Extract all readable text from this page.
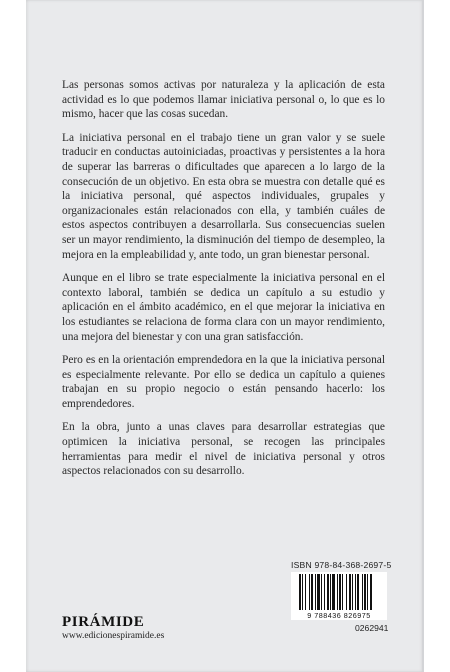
Las personas somos activas por naturaleza y la aplicación de esta actividad es lo que podemos llamar iniciativa personal o, lo que es lo mismo, hacer que las cosas sucedan.

La iniciativa personal en el trabajo tiene un gran valor y se suele traducir en conductas autoiniciadas, proactivas y persistentes a la hora de superar las barreras o dificultades que aparecen a lo largo de la consecución de un objetivo. En esta obra se muestra con detalle qué es la iniciativa personal, qué aspectos individuales, grupales y organizacionales están relacionados con ella, y también cuáles de estos aspectos contribuyen a desarrollarla. Sus consecuencias suelen ser un mayor rendimiento, la disminución del tiempo de desempleo, la mejora en la empleabilidad y, ante todo, un gran bienestar personal.

Aunque en el libro se trate especialmente la iniciativa personal en el contexto laboral, también se dedica un capítulo a su estudio y aplicación en el ámbito académico, en el que mejorar la iniciativa en los estudiantes se relaciona de forma clara con un mayor rendimiento, una mejora del bienestar y con una gran satisfacción.

Pero es en la orientación emprendedora en la que la iniciativa personal es especialmente relevante. Por ello se dedica un capítulo a quienes trabajan en su propio negocio o están pensando hacerlo: los emprendedores.

En la obra, junto a unas claves para desarrollar estrategias que optimicen la iniciativa personal, se recogen las principales herramientas para medir el nivel de iniciativa personal y otros aspectos relacionados con su desarrollo.

PIRÁMIDE
www.edicionespiramide.es
ISBN 978-84-368-2697-5
9 788436 826975
0262941
